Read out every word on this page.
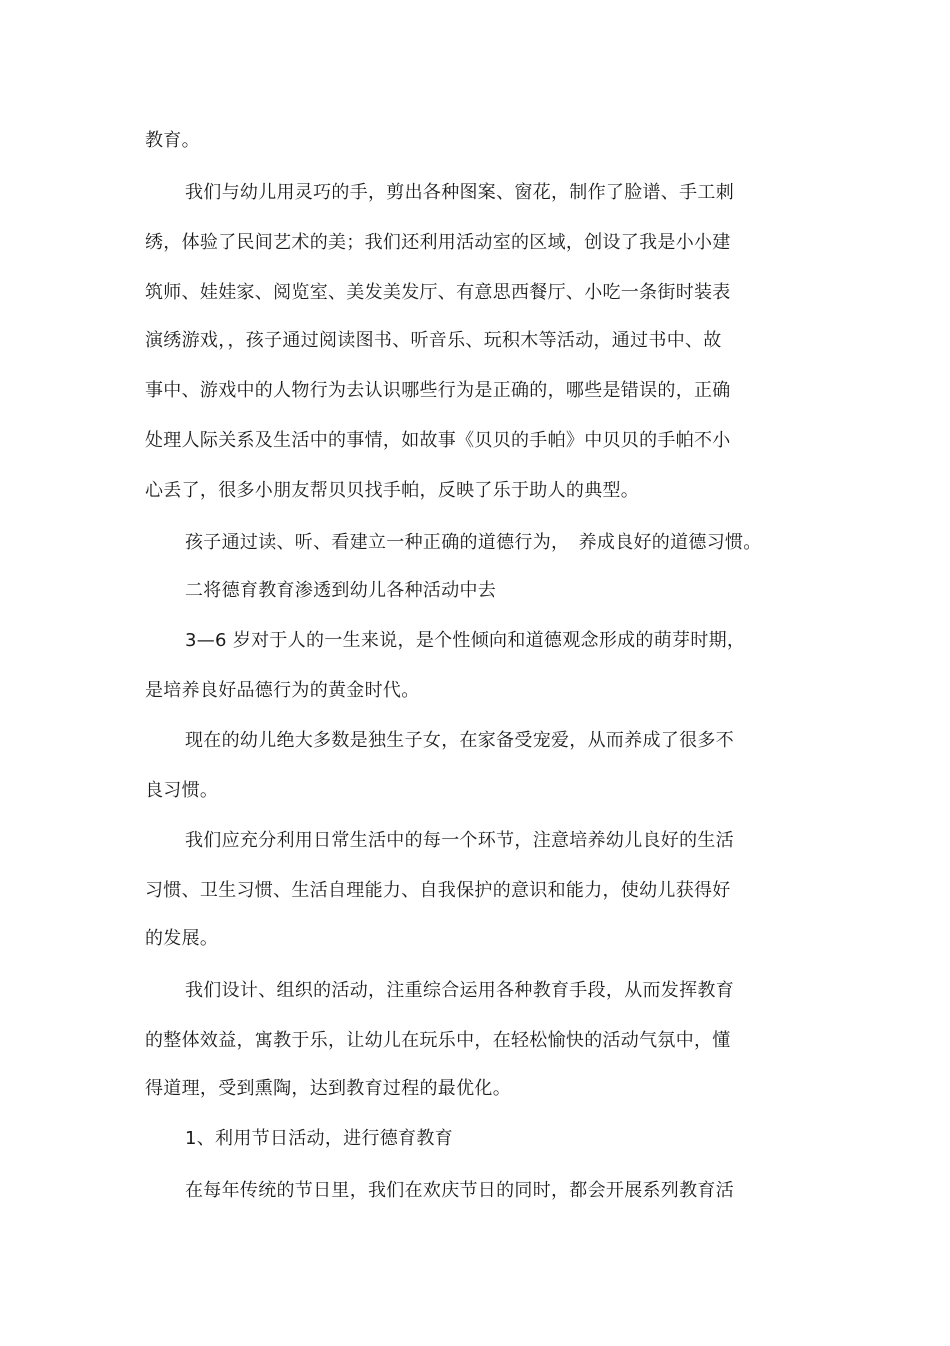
教育。
我们与幼儿用灵巧的手，剪出各种图案、窗花，制作了脸谱、手工刺
绣，体验了民间艺术的美；我们还利用活动室的区域，创设了我是小小建
筑师、娃娃家、阅览室、美发美发厅、有意思西餐厅、小吃一条街时装表
演绣游戏，，孩子通过阅读图书、听音乐、玩积木等活动，通过书中、故
事中、游戏中的人物行为去认识哪些行为是正确的，哪些是错误的，正确
处理人际关系及生活中的事情，如故事《贝贝的手帕》中贝贝的手帕不小
心丢了，很多小朋友帮贝贝找手帕，反映了乐于助人的典型。
孩子通过读、听、看建立一种正确的道德行为，　养成良好的道德习惯。
二将德育教育渗透到幼儿各种活动中去
3—6 岁对于人的一生来说，是个性倾向和道德观念形成的萌芽时期，
是培养良好品德行为的黄金时代。
现在的幼儿绝大多数是独生子女，在家备受宠爱，从而养成了很多不
良习惯。
我们应充分利用日常生活中的每一个环节，注意培养幼儿良好的生活
习惯、卫生习惯、生活自理能力、自我保护的意识和能力，使幼儿获得好
的发展。
我们设计、组织的活动，注重综合运用各种教育手段，从而发挥教育
的整体效益，寓教于乐，让幼儿在玩乐中，在轻松愉快的活动气氛中，懂
得道理，受到熏陶，达到教育过程的最优化。
1、利用节日活动，进行德育教育
在每年传统的节日里，我们在欢庆节日的同时，都会开展系列教育活
